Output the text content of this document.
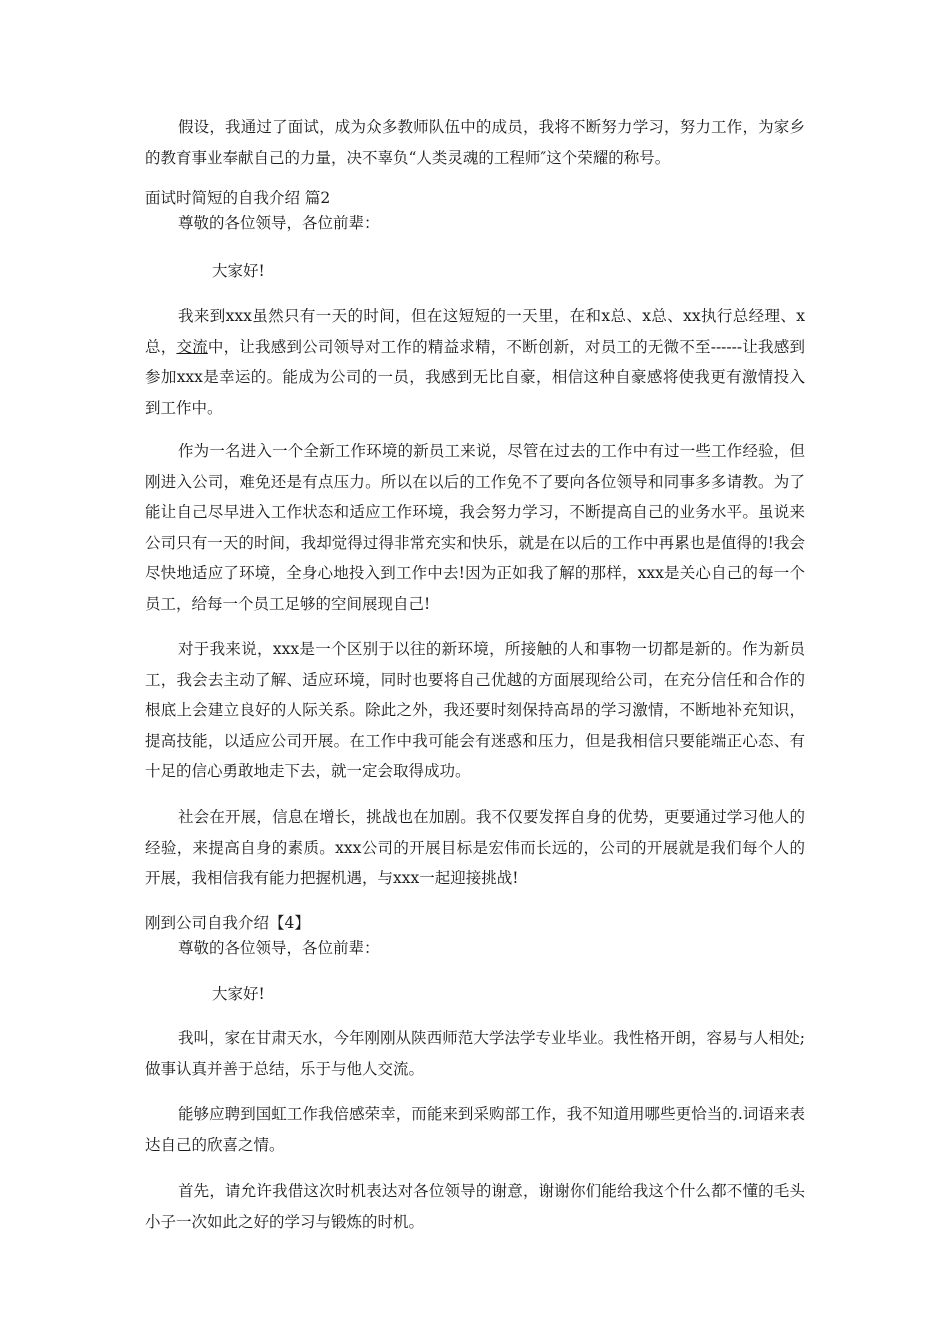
假设，我通过了面试，成为众多教师队伍中的成员，我将不断努力学习，努力工作，为家乡的教育事业奉献自己的力量，决不辜负“人类灵魂的工程师″这个荣耀的称号。

面试时简短的自我介绍 篇2

尊敬的各位领导，各位前辈：

大家好!

我来到xxx虽然只有一天的时间，但在这短短的一天里，在和x总、x总、xx执行总经理、x总，交流中，让我感到公司领导对工作的精益求精，不断创新，对员工的无微不至------让我感到参加xxx是幸运的。能成为公司的一员，我感到无比自豪，相信这种自豪感将使我更有激情投入到工作中。

作为一名进入一个全新工作环境的新员工来说，尽管在过去的工作中有过一些工作经验，但刚进入公司，难免还是有点压力。所以在以后的工作免不了要向各位领导和同事多多请教。为了能让自己尽早进入工作状态和适应工作环境，我会努力学习，不断提高自己的业务水平。虽说来公司只有一天的时间，我却觉得过得非常充实和快乐，就是在以后的工作中再累也是值得的!我会尽快地适应了环境，全身心地投入到工作中去!因为正如我了解的那样，xxx是关心自己的每一个员工，给每一个员工足够的空间展现自己!

对于我来说，xxx是一个区别于以往的新环境，所接触的人和事物一切都是新的。作为新员工，我会去主动了解、适应环境，同时也要将自己优越的方面展现给公司，在充分信任和合作的根底上会建立良好的人际关系。除此之外，我还要时刻保持高昂的学习激情，不断地补充知识，提高技能，以适应公司开展。在工作中我可能会有迷惑和压力，但是我相信只要能端正心态、有十足的信心勇敢地走下去，就一定会取得成功。

社会在开展，信息在增长，挑战也在加剧。我不仅要发挥自身的优势，更要通过学习他人的经验，来提高自身的素质。xxx公司的开展目标是宏伟而长远的，公司的开展就是我们每个人的开展，我相信我有能力把握机遇，与xxx一起迎接挑战!

刚到公司自我介绍【4】

尊敬的各位领导，各位前辈：

大家好!

我叫，家在甘肃天水，今年刚刚从陕西师范大学法学专业毕业。我性格开朗，容易与人相处;做事认真并善于总结，乐于与他人交流。

能够应聘到国虹工作我倍感荣幸，而能来到采购部工作，我不知道用哪些更恰当的.词语来表达自己的欣喜之情。

首先，请允许我借这次时机表达对各位领导的谢意，谢谢你们能给我这个什么都不懂的毛头小子一次如此之好的学习与锻炼的时机。
